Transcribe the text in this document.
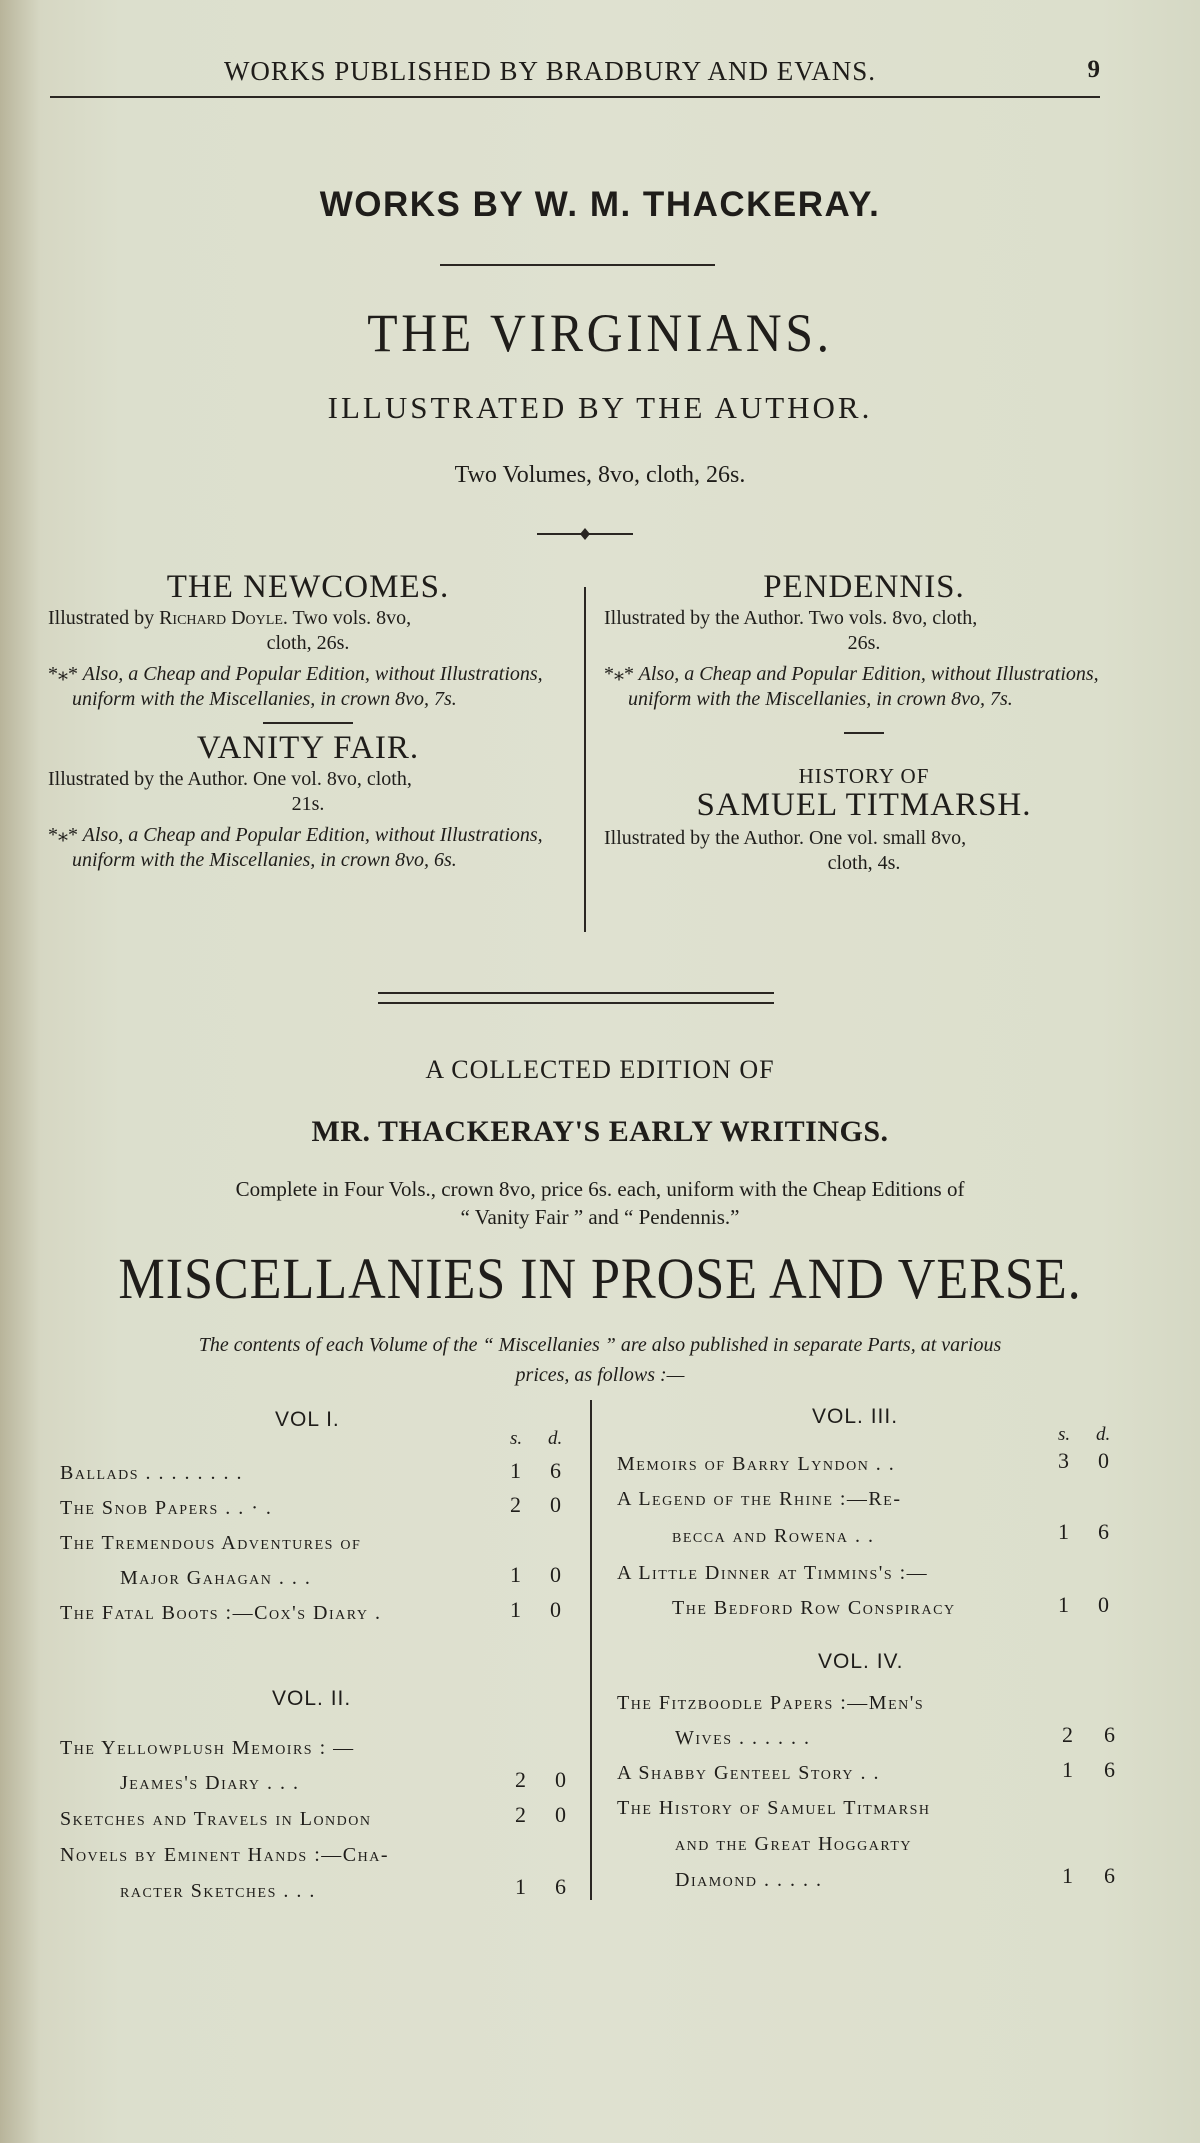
WORKS PUBLISHED BY BRADBURY AND EVANS.	9
WORKS BY W. M. THACKERAY.
THE VIRGINIANS.
ILLUSTRATED BY THE AUTHOR.
Two Volumes, 8vo, cloth, 26s.
THE NEWCOMES.
Illustrated by Richard Doyle. Two vols. 8vo,
cloth, 26s.
*⁎* Also, a Cheap and Popular Edition, without Illustrations, uniform with the Miscellanies, in crown 8vo, 7s.
VANITY FAIR.
Illustrated by the Author. One vol. 8vo, cloth,
21s.
*⁎* Also, a Cheap and Popular Edition, without Illustrations, uniform with the Miscellanies, in crown 8vo, 6s.
PENDENNIS.
Illustrated by the Author. Two vols. 8vo, cloth,
26s.
*⁎* Also, a Cheap and Popular Edition, without Illustrations, uniform with the Miscellanies, in crown 8vo, 7s.
HISTORY OF
SAMUEL TITMARSH.
Illustrated by the Author. One vol. small 8vo,
cloth, 4s.
A COLLECTED EDITION OF
MR. THACKERAY'S EARLY WRITINGS.
Complete in Four Vols., crown 8vo, price 6s. each, uniform with the Cheap Editions of
“ Vanity Fair ” and “ Pendennis.”
MISCELLANIES IN PROSE AND VERSE.
The contents of each Volume of the “ Miscellanies ” are also published in separate Parts, at various
prices, as follows :—
VOL I.
s. d.
Ballads . . . . . . . .	1 6
The Snob Papers . . · .	2 0
The Tremendous Adventures of
Major Gahagan . . .	1 0
The Fatal Boots :—Cox's Diary .	1 0
VOL. II.
The Yellowplush Memoirs : —
Jeames's Diary . . .	2 0
Sketches and Travels in London	2 0
Novels by Eminent Hands :—Cha-
racter Sketches . . .	1 6
VOL. III.
s. d.
Memoirs of Barry Lyndon . .	3 0
A Legend of the Rhine :—Re-
becca and Rowena . .	1 6
A Little Dinner at Timmins's :—
The Bedford Row Conspiracy	1 0
VOL. IV.
The Fitzboodle Papers :—Men's
Wives . . . . . .	2 6
A Shabby Genteel Story . .	1 6
The History of Samuel Titmarsh
and the Great Hoggarty
Diamond . . . . .	1 6
